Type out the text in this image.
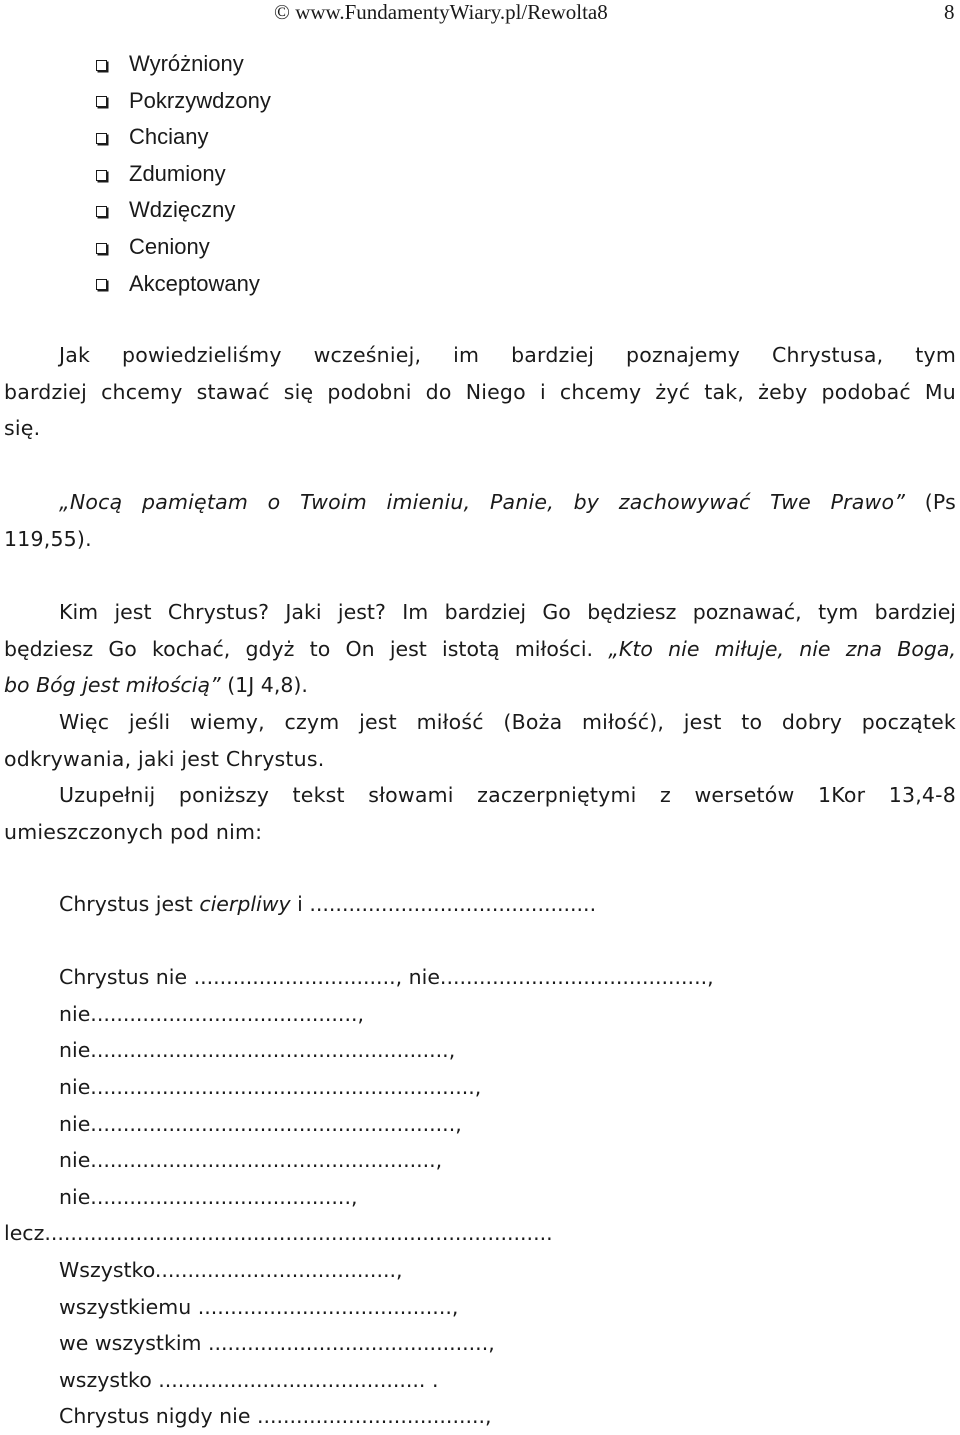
© www.FundamentyWiary.pl/Rewolta8	8
Wyróżniony
Pokrzywdzony
Chciany
Zdumiony
Wdzięczny
Ceniony
Akceptowany
Jak powiedzieliśmy wcześniej, im bardziej poznajemy Chrystusa, tym
bardziej chcemy stawać się podobni do Niego i chcemy żyć tak, żeby podobać Mu
się.
„Nocą pamiętam o Twoim imieniu, Panie, by zachowywać Twe Prawo” (Ps
119,55).
Kim jest Chrystus? Jaki jest? Im bardziej Go będziesz poznawać, tym bardziej
będziesz Go kochać, gdyż to On jest istotą miłości. „Kto nie miłuje, nie zna Boga,
bo Bóg jest miłością” (1J 4,8).
Więc jeśli wiemy, czym jest miłość (Boża miłość), jest to dobry początek
odkrywania, jaki jest Chrystus.
Uzupełnij poniższy tekst słowami zaczerpniętymi z wersetów 1Kor 13,4-8
umieszczonych pod nim:
Chrystus jest cierpliwy i ............................................
Chrystus nie ..............................., nie.........................................,
nie.........................................,
nie.......................................................,
nie...........................................................,
nie........................................................,
nie.....................................................,
nie........................................,
lecz..............................................................................
Wszystko.....................................,
wszystkiemu .......................................,
we wszystkim ...........................................,
wszystko ......................................... .
Chrystus nigdy nie ...................................,
